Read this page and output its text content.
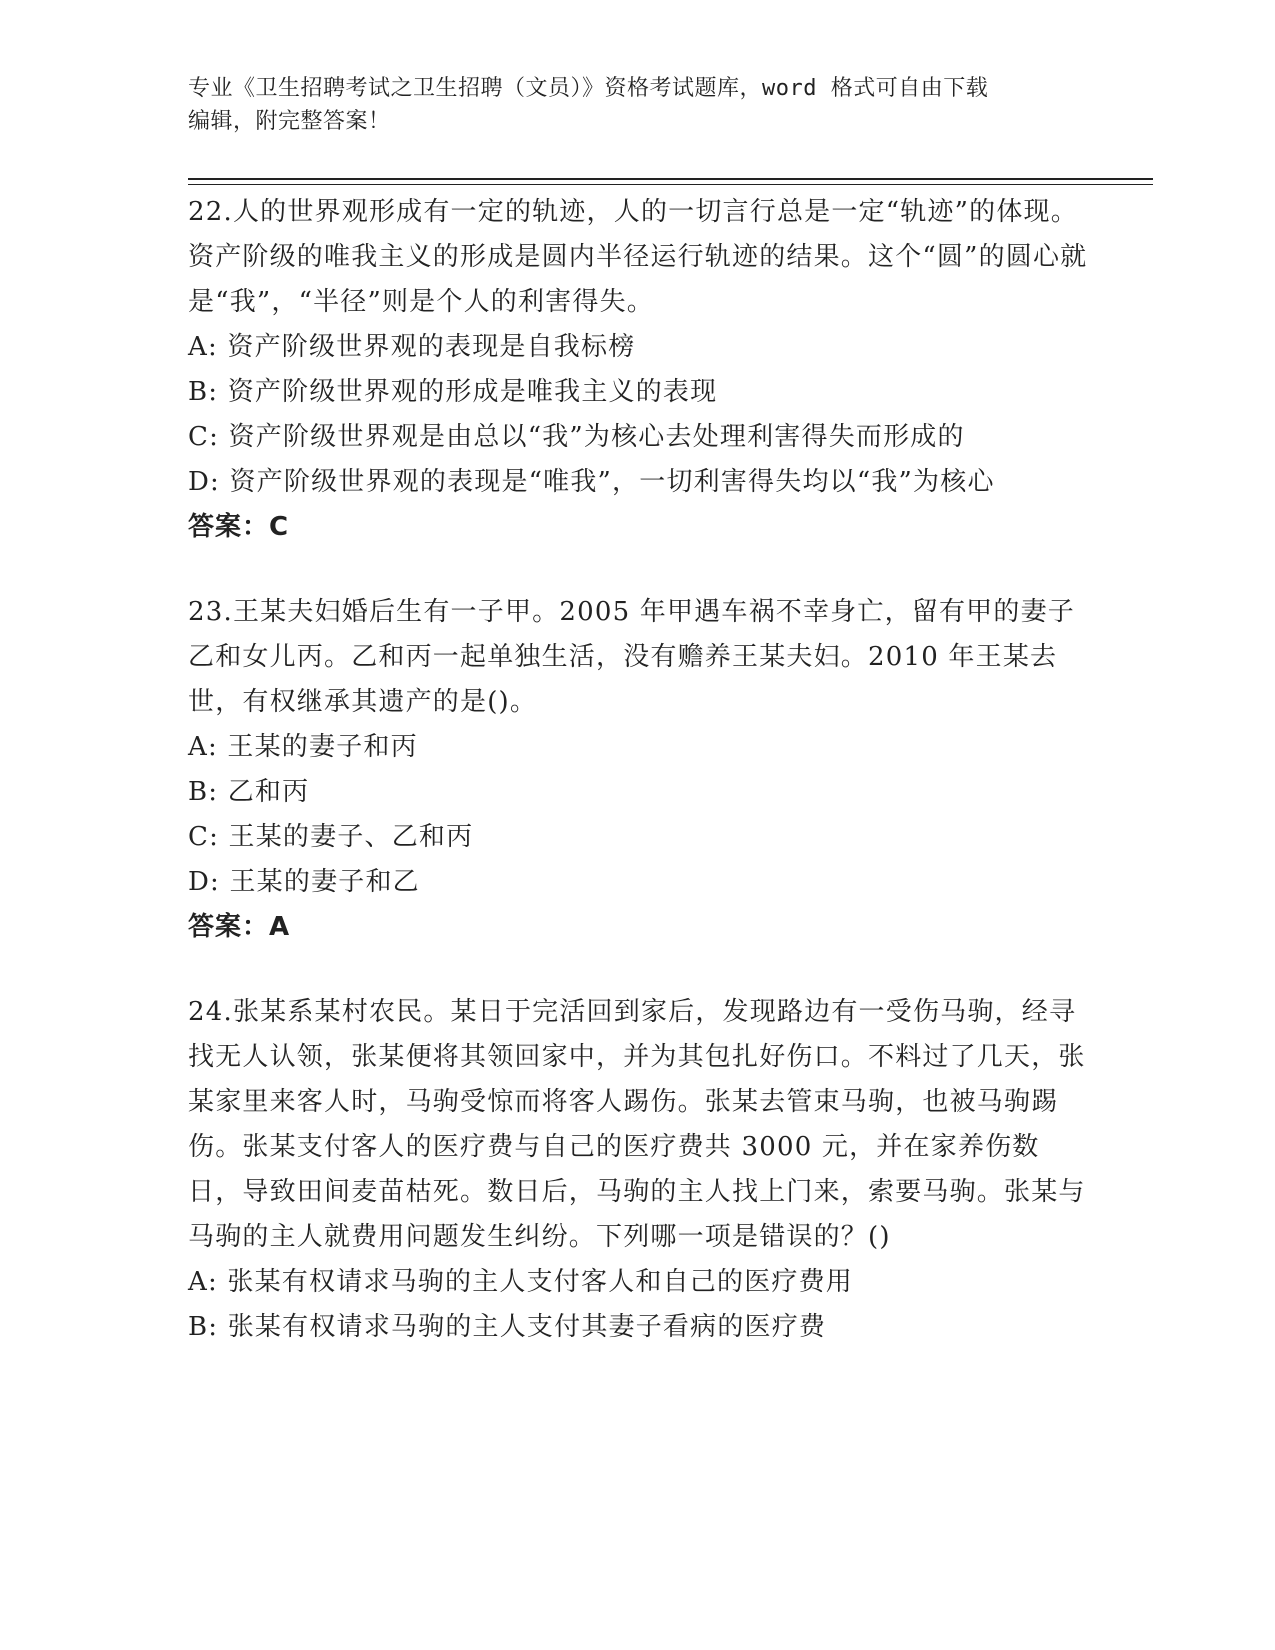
专业《卫生招聘考试之卫生招聘（文员）》资格考试题库，word 格式可自由下载
编辑，附完整答案！

22.人的世界观形成有一定的轨迹，人的一切言行总是一定“轨迹”的体现。资产阶级的唯我主义的形成是圆内半径运行轨迹的结果。这个“圆”的圆心就是“我”，“半径”则是个人的利害得失。

A: 资产阶级世界观的表现是自我标榜

B: 资产阶级世界观的形成是唯我主义的表现

C: 资产阶级世界观是由总以“我”为核心去处理利害得失而形成的

D: 资产阶级世界观的表现是“唯我”，一切利害得失均以“我”为核心

答案：C

23.王某夫妇婚后生有一子甲。2005 年甲遇车祸不幸身亡，留有甲的妻子乙和女儿丙。乙和丙一起单独生活，没有赡养王某夫妇。2010 年王某去世，有权继承其遗产的是()。

A: 王某的妻子和丙

B: 乙和丙

C: 王某的妻子、乙和丙

D: 王某的妻子和乙

答案：A

24.张某系某村农民。某日于完活回到家后，发现路边有一受伤马驹，经寻找无人认领，张某便将其领回家中，并为其包扎好伤口。不料过了几天，张某家里来客人时，马驹受惊而将客人踢伤。张某去管束马驹，也被马驹踢伤。张某支付客人的医疗费与自己的医疗费共 3000 元，并在家养伤数日，导致田间麦苗枯死。数日后，马驹的主人找上门来，索要马驹。张某与马驹的主人就费用问题发生纠纷。下列哪一项是错误的？()

A: 张某有权请求马驹的主人支付客人和自己的医疗费用

B: 张某有权请求马驹的主人支付其妻子看病的医疗费
